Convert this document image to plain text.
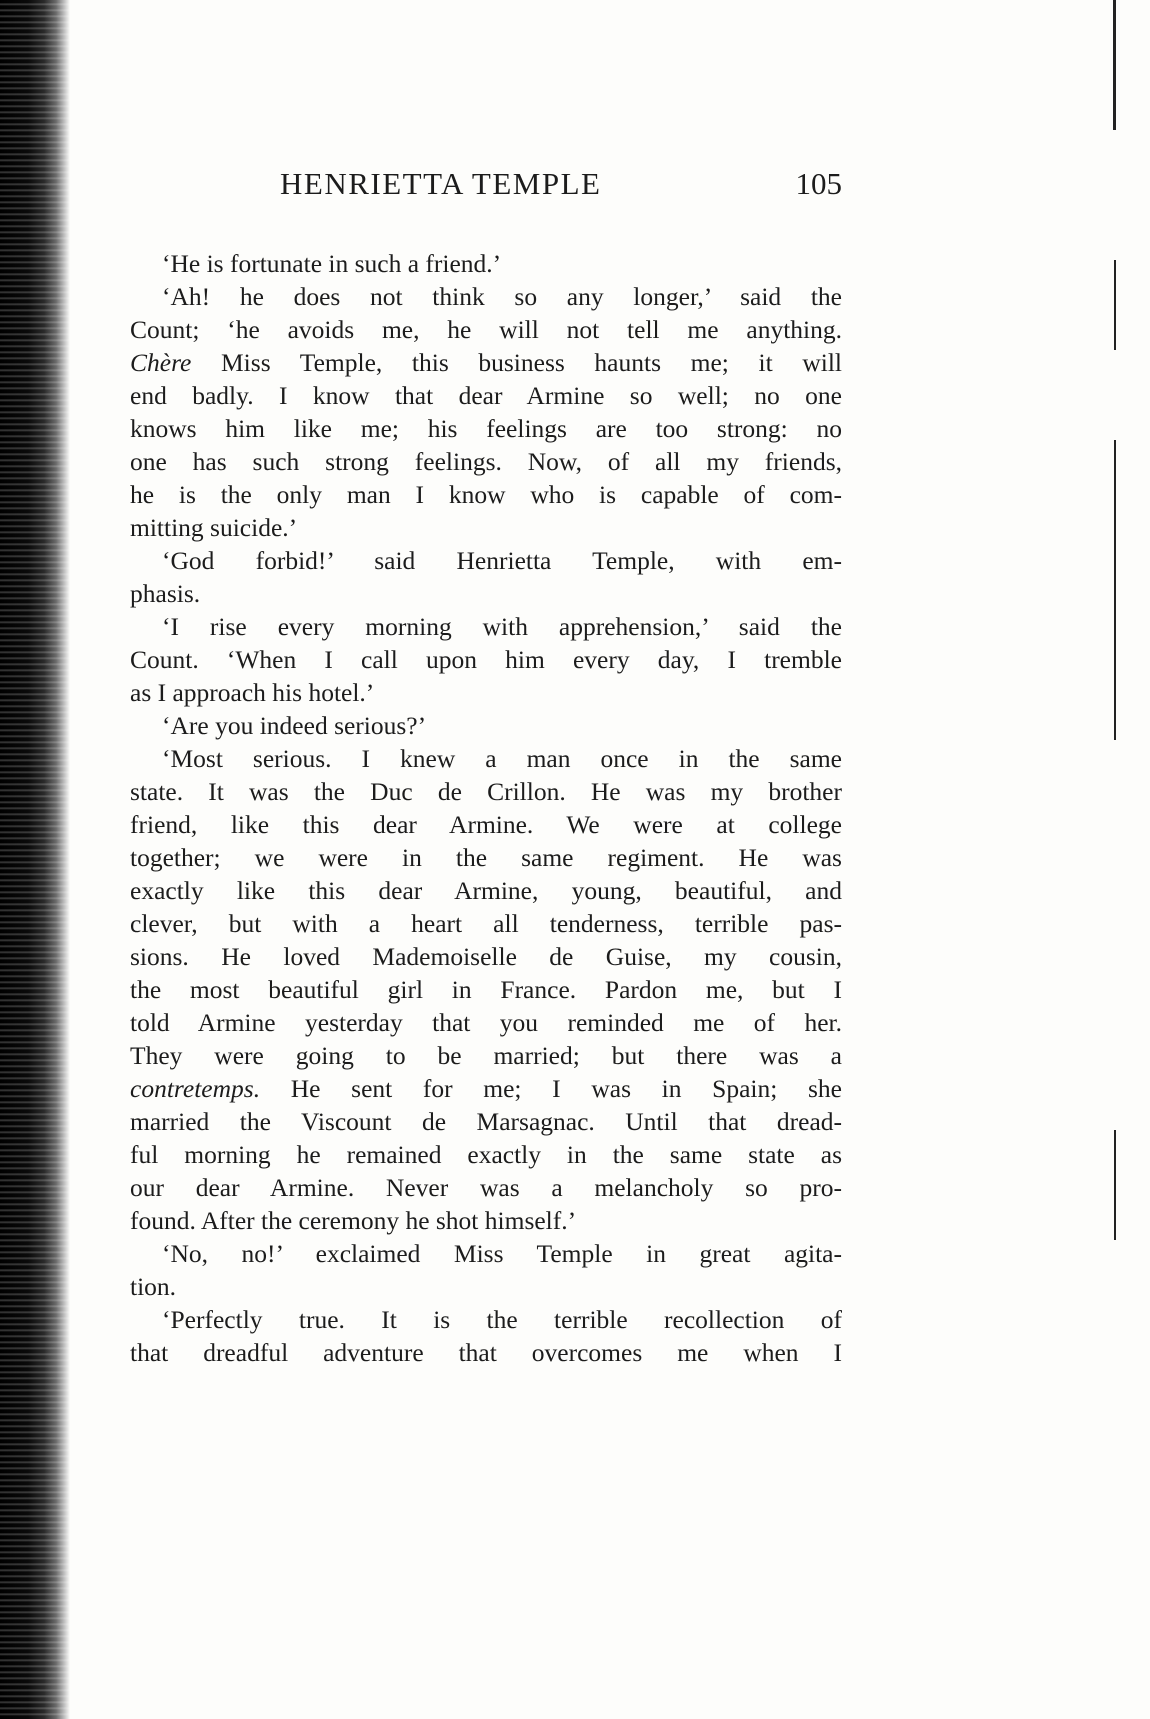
HENRIETTA TEMPLE	105
‘He is fortunate in such a friend.’
‘Ah! he does not think so any longer,’ said the
Count; ‘he avoids me, he will not tell me anything.
Chère Miss Temple, this business haunts me; it will
end badly. I know that dear Armine so well; no one
knows him like me; his feelings are too strong: no
one has such strong feelings. Now, of all my friends,
he is the only man I know who is capable of com-
mitting suicide.’
‘God forbid!’ said Henrietta Temple, with em-
phasis.
‘I rise every morning with apprehension,’ said the
Count. ‘When I call upon him every day, I tremble
as I approach his hotel.’
‘Are you indeed serious?’
‘Most serious. I knew a man once in the same
state. It was the Duc de Crillon. He was my brother
friend, like this dear Armine. We were at college
together; we were in the same regiment. He was
exactly like this dear Armine, young, beautiful, and
clever, but with a heart all tenderness, terrible pas-
sions. He loved Mademoiselle de Guise, my cousin,
the most beautiful girl in France. Pardon me, but I
told Armine yesterday that you reminded me of her.
They were going to be married; but there was a
contretemps. He sent for me; I was in Spain; she
married the Viscount de Marsagnac. Until that dread-
ful morning he remained exactly in the same state as
our dear Armine. Never was a melancholy so pro-
found. After the ceremony he shot himself.’
‘No, no!’ exclaimed Miss Temple in great agita-
tion.
‘Perfectly true. It is the terrible recollection of
that dreadful adventure that overcomes me when I
